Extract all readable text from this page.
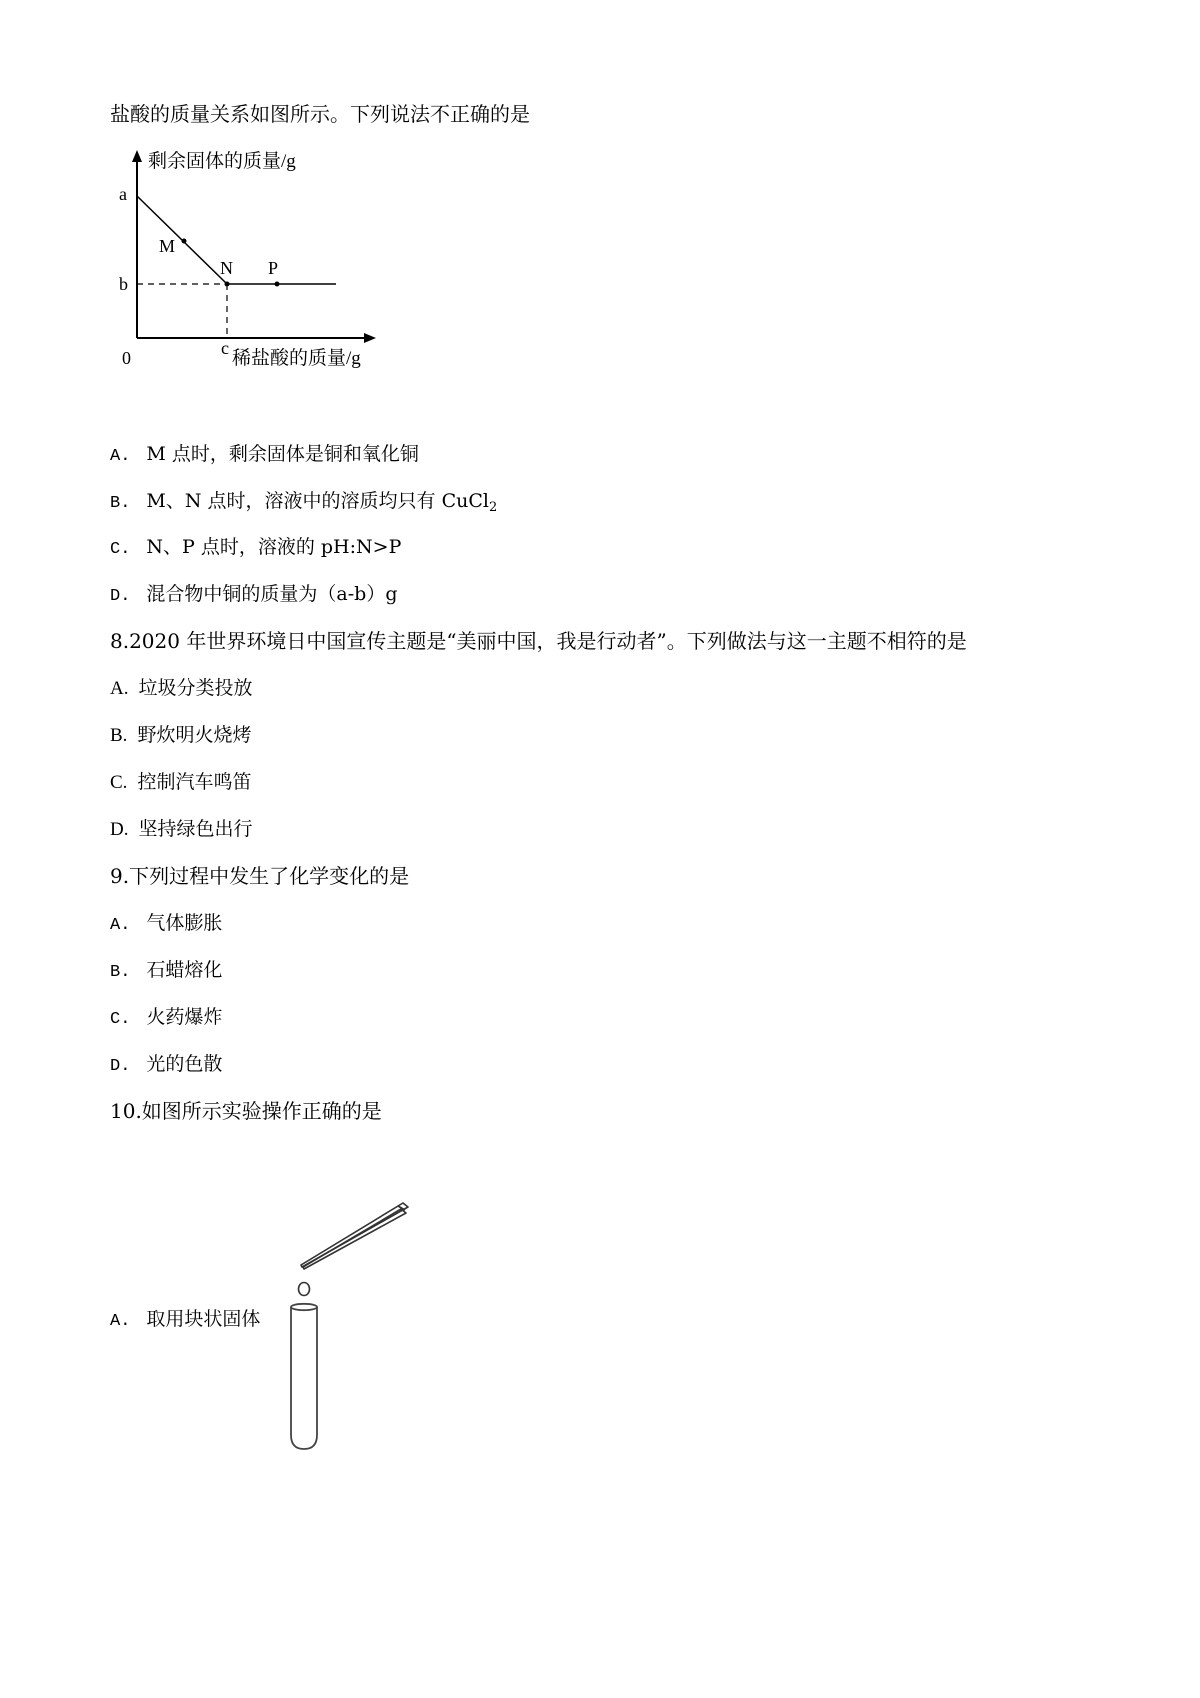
盐酸的质量关系如图所示。下列说法不正确的是
剩余固体的质量/g
a
b
0	c 稀盐酸的质量/g
M
N P
A. M 点时，剩余固体是铜和氧化铜
B. M、N 点时，溶液中的溶质均只有 CuCl$_2$
C. N、P 点时，溶液的 pH:N>P
D. 混合物中铜的质量为（a-b）g
8.2020 年世界环境日中国宣传主题是“美丽中国，我是行动者”。下列做法与这一主题不相符的是
A. 垃圾分类投放
B. 野炊明火烧烤
C. 控制汽车鸣笛
D. 坚持绿色出行
9.下列过程中发生了化学变化的是
A. 气体膨胀
B. 石蜡熔化
C. 火药爆炸
D. 光的色散
10.如图所示实验操作正确的是
A. 取用块状固体
